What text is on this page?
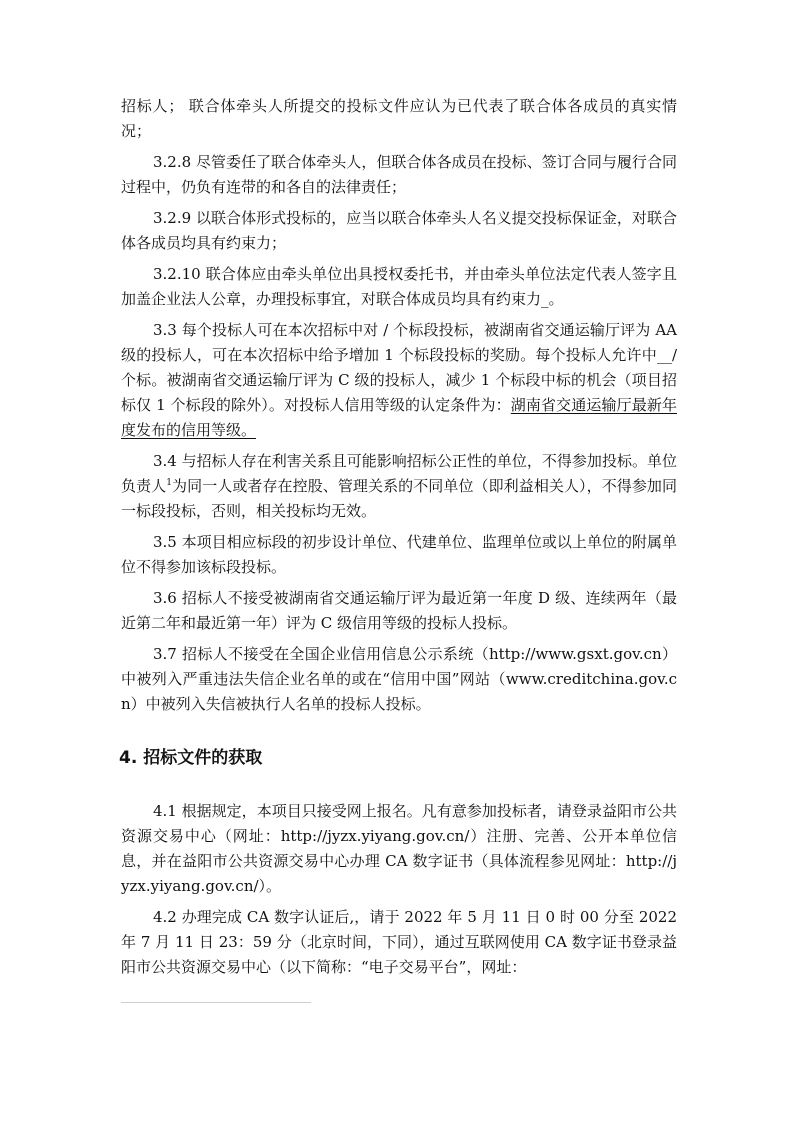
招标人； 联合体牵头人所提交的投标文件应认为已代表了联合体各成员的真实情况；

3.2.8 尽管委任了联合体牵头人，但联合体各成员在投标、签订合同与履行合同 过程中，仍负有连带的和各自的法律责任；

3.2.9 以联合体形式投标的，应当以联合体牵头人名义提交投标保证金，对联合 体各成员均具有约束力；

3.2.10 联合体应由牵头单位出具授权委托书，并由牵头单位法定代表人签字且 加盖企业法人公章，办理投标事宜，对联合体成员均具有约束力_。

3.3 每个投标人可在本次招标中对 / 个标段投标，被湖南省交通运输厅评为 AA 级的投标人，可在本次招标中给予增加 1 个标段投标的奖励。每个投标人允许中__/ 个标。被湖南省交通运输厅评为 C 级的投标人，减少 1 个标段中标的机会（项目招标仅 1 个标段的除外）。对投标人信用等级的认定条件为：湖南省交通运输厅最新年度发布的信用等级。

3.4 与招标人存在利害关系且可能影响招标公正性的单位，不得参加投标。单位负责人$^1$为同一人或者存在控股、管理关系的不同单位（即利益相关人），不得参加同一标段投标，否则，相关投标均无效。

3.5 本项目相应标段的初步设计单位、代建单位、监理单位或以上单位的附属单位不得参加该标段投标。

3.6 招标人不接受被湖南省交通运输厅评为最近第一年度 D 级、连续两年（最近第二年和最近第一年）评为 C 级信用等级的投标人投标。

3.7 招标人不接受在全国企业信用信息公示系统（http://www.gsxt.gov.cn）中被列入严重违法失信企业名单的或在“信用中国”网站（www.creditchina.gov.cn）中被列入失信被执行人名单的投标人投标。

4. 招标文件的获取

4.1 根据规定，本项目只接受网上报名。凡有意参加投标者，请登录益阳市公共资源交易中心（网址：http://jyzx.yiyang.gov.cn/）注册、完善、公开本单位信息，并在益阳市公共资源交易中心办理 CA 数字证书（具体流程参见网址：http://jyzx.yiyang.gov.cn/）。

4.2 办理完成 CA 数字认证后,，请于 2022 年 5 月 11 日 0 时 00 分至 2022 年 7 月 11 日 23：59 分（北京时间，下同），通过互联网使用 CA 数字证书登录益阳市公共资源交易中心（以下简称：“电子交易平台”，网址：
